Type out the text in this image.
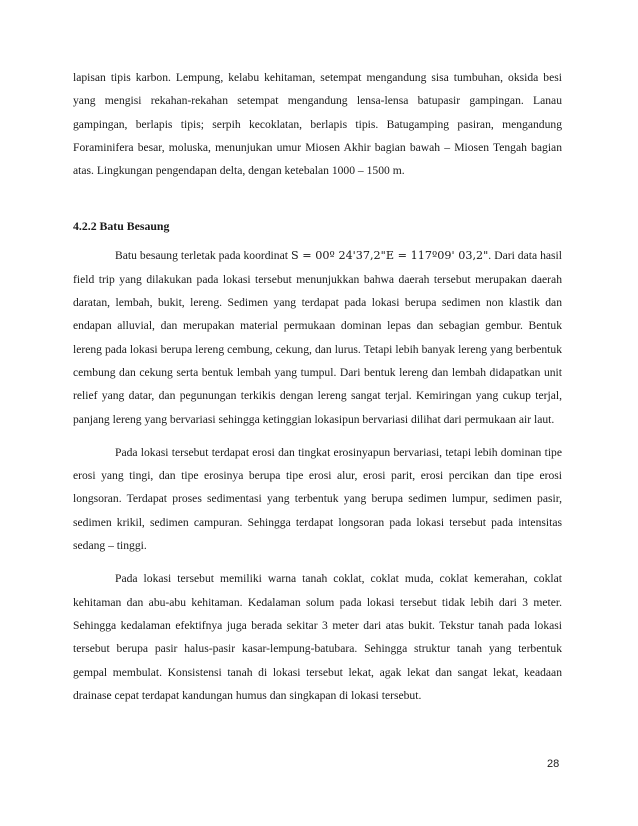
lapisan tipis karbon. Lempung, kelabu kehitaman, setempat mengandung sisa tumbuhan, oksida besi yang mengisi rekahan-rekahan setempat mengandung lensa-lensa batupasir gampingan. Lanau gampingan, berlapis tipis; serpih kecoklatan, berlapis tipis. Batugamping pasiran, mengandung Foraminifera besar, moluska, menunjukan umur Miosen Akhir bagian bawah – Miosen Tengah bagian atas. Lingkungan pengendapan delta, dengan ketebalan 1000 – 1500 m.

4.2.2 Batu Besaung

Batu besaung terletak pada koordinat S = 00º 24'37,2"E = 117º09' 03,2". Dari data hasil field trip yang dilakukan pada lokasi tersebut menunjukkan bahwa daerah tersebut merupakan daerah daratan, lembah, bukit, lereng. Sedimen yang terdapat pada lokasi berupa sedimen non klastik dan endapan alluvial, dan merupakan material permukaan dominan lepas dan sebagian gembur. Bentuk lereng pada lokasi berupa lereng cembung, cekung, dan lurus. Tetapi lebih banyak lereng yang berbentuk cembung dan cekung serta bentuk lembah yang tumpul. Dari bentuk lereng dan lembah didapatkan unit relief yang datar, dan pegunungan terkikis dengan lereng sangat terjal. Kemiringan yang cukup terjal, panjang lereng yang bervariasi sehingga ketinggian lokasipun bervariasi dilihat dari permukaan air laut.

Pada lokasi tersebut terdapat erosi dan tingkat erosinyapun bervariasi, tetapi lebih dominan tipe erosi yang tingi, dan tipe erosinya berupa tipe erosi alur, erosi parit, erosi percikan dan tipe erosi longsoran. Terdapat proses sedimentasi yang terbentuk yang berupa sedimen lumpur, sedimen pasir, sedimen krikil, sedimen campuran. Sehingga terdapat longsoran pada lokasi tersebut pada intensitas sedang – tinggi.

Pada lokasi tersebut memiliki warna tanah coklat, coklat muda, coklat kemerahan, coklat kehitaman dan abu-abu kehitaman. Kedalaman solum pada lokasi tersebut tidak lebih dari 3 meter. Sehingga kedalaman efektifnya juga berada sekitar 3 meter dari atas bukit. Tekstur tanah pada lokasi tersebut berupa pasir halus-pasir kasar-lempung-batubara. Sehingga struktur tanah yang terbentuk gempal membulat. Konsistensi tanah di lokasi tersebut lekat, agak lekat dan sangat lekat, keadaan drainase cepat terdapat kandungan humus dan singkapan di lokasi tersebut.

28
